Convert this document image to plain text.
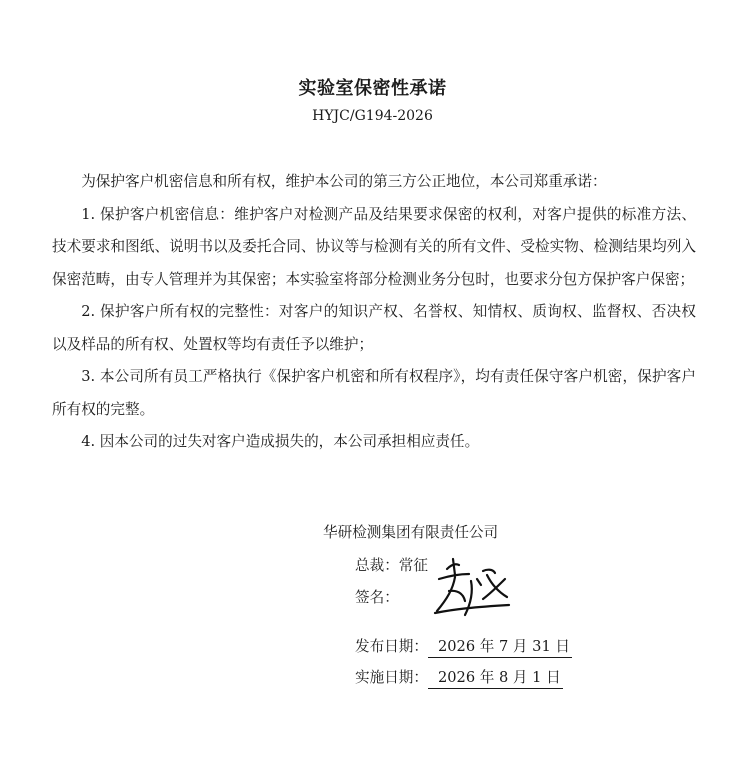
实验室保密性承诺
HYJC/G194-2026

为保护客户机密信息和所有权，维护本公司的第三方公正地位，本公司郑重承诺：

1. 保护客户机密信息：维护客户对检测产品及结果要求保密的权利，对客户提供的标准方法、技术要求和图纸、说明书以及委托合同、协议等与检测有关的所有文件、受检实物、检测结果均列入保密范畴，由专人管理并为其保密；本实验室将部分检测业务分包时，也要求分包方保护客户保密；

2. 保护客户所有权的完整性：对客户的知识产权、名誉权、知情权、质询权、监督权、否决权以及样品的所有权、处置权等均有责任予以维护；

3. 本公司所有员工严格执行《保护客户机密和所有权程序》，均有责任保守客户机密，保护客户所有权的完整。

4. 因本公司的过失对客户造成损失的，本公司承担相应责任。

华研检测集团有限责任公司
总裁：常征
签名：
发布日期： 2026 年 7 月 31 日
实施日期： 2026 年 8 月 1 日
